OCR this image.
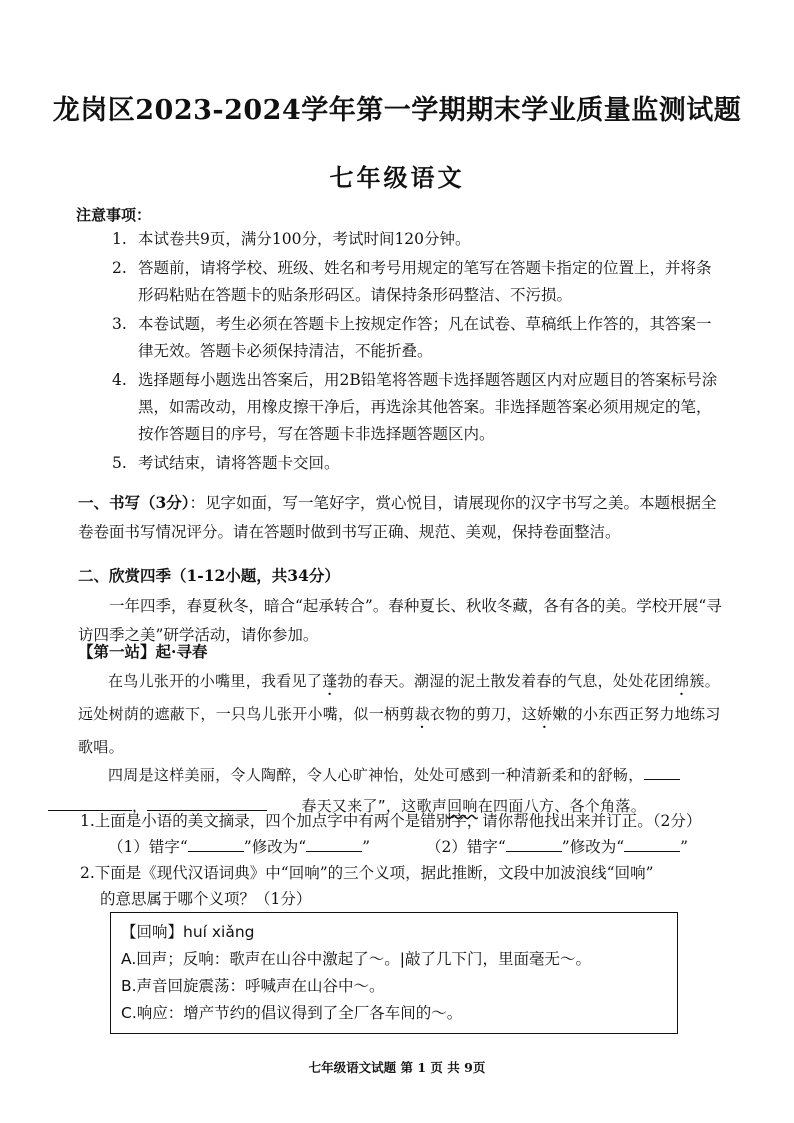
龙岗区2023-2024学年第一学期期末学业质量监测试题
七年级语文
注意事项：
1. 本试卷共9页，满分100分，考试时间120分钟。
2. 答题前，请将学校、班级、姓名和考号用规定的笔写在答题卡指定的位置上，并将条形码粘贴在答题卡的贴条形码区。请保持条形码整洁、不污损。
3. 本卷试题，考生必须在答题卡上按规定作答；凡在试卷、草稿纸上作答的，其答案一律无效。答题卡必须保持清洁，不能折叠。
4. 选择题每小题选出答案后，用2B铅笔将答题卡选择题答题区内对应题目的答案标号涂黑，如需改动，用橡皮擦干净后，再选涂其他答案。非选择题答案必须用规定的笔，按作答题目的序号，写在答题卡非选择题答题区内。
5. 考试结束，请将答题卡交回。
一、书写（3分）：见字如面，写一笔好字，赏心悦目，请展现你的汉字书写之美。本题根据全卷卷面书写情况评分。请在答题时做到书写正确、规范、美观，保持卷面整洁。
二、欣赏四季（1-12小题，共34分）
一年四季，春夏秋冬，暗合“起承转合”。春种夏长、秋收冬藏，各有各的美。学校开展“寻访四季之美”研学活动，请你参加。
【第一站】起·寻春
在鸟儿张开的小嘴里，我看见了蓬勃的春天。潮湿的泥土散发着春的气息，处处花团绵簇。远处树荫的遮蔽下，一只鸟儿张开小嘴，似一柄剪裁衣物的剪刀，这娇嫩的小东西正努力地练习歌唱。
四周是这样美丽，令人陶醉，令人心旷神怡，处处可感到一种清新柔和的舒畅，，	春天又来了”，这歌声回响在四面八方、各个角落。
1.上面是小语的美文摘录，四个加点字中有两个是错别字，请你帮他找出来并订正。（2分）
（1）错字“	”修改为“	”	（2）错字“	”修改为“	”
2.下面是《现代汉语词典》中“回响”的三个义项，据此推断，文段中加波浪线“回响”
的意思属于哪个义项？（1分）
【回响】huí xiǎng
A.回声；反响：歌声在山谷中激起了～。|敲了几下门，里面毫无～。
B.声音回旋震荡：呼喊声在山谷中～。
C.响应：增产节约的倡议得到了全厂各车间的～。
七年级语文试题 第 1 页 共 9页
